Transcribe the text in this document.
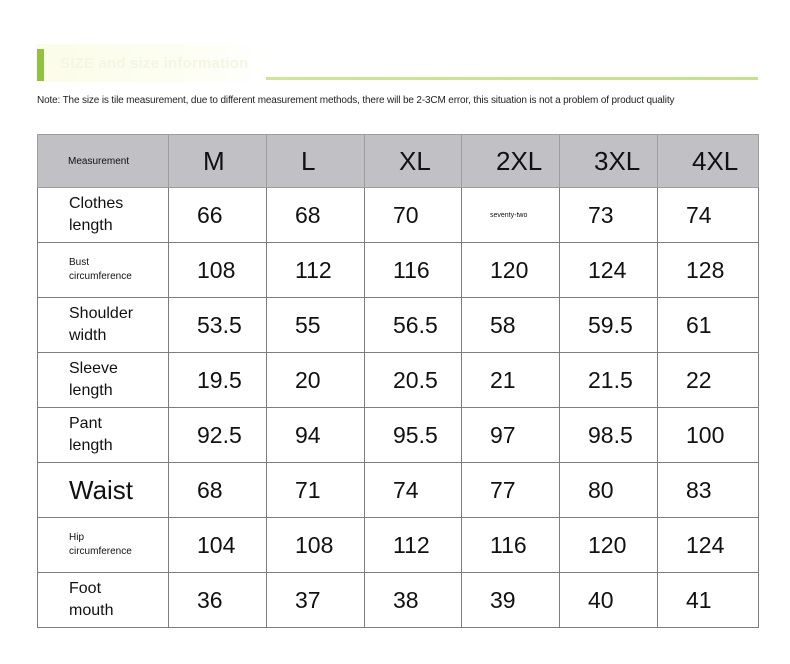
SIZE and size information
Note: The size is tile measurement, due to different measurement methods, there will be 2-3CM error, this situation is not a problem of product quality
Measurement	M	L	XL	2XL	3XL	4XL

Clothes
length	66	68	70	seventy-two	73	74

Bust
circumference	108	112	116	120	124	128

Shoulder
width	53.5	55	56.5	58	59.5	61

Sleeve
length	19.5	20	20.5	21	21.5	22

Pant
length	92.5	94	95.5	97	98.5	100

Waist	68	71	74	77	80	83

Hip
circumference	104	108	112	116	120	124

Foot
mouth	36	37	38	39	40	41
